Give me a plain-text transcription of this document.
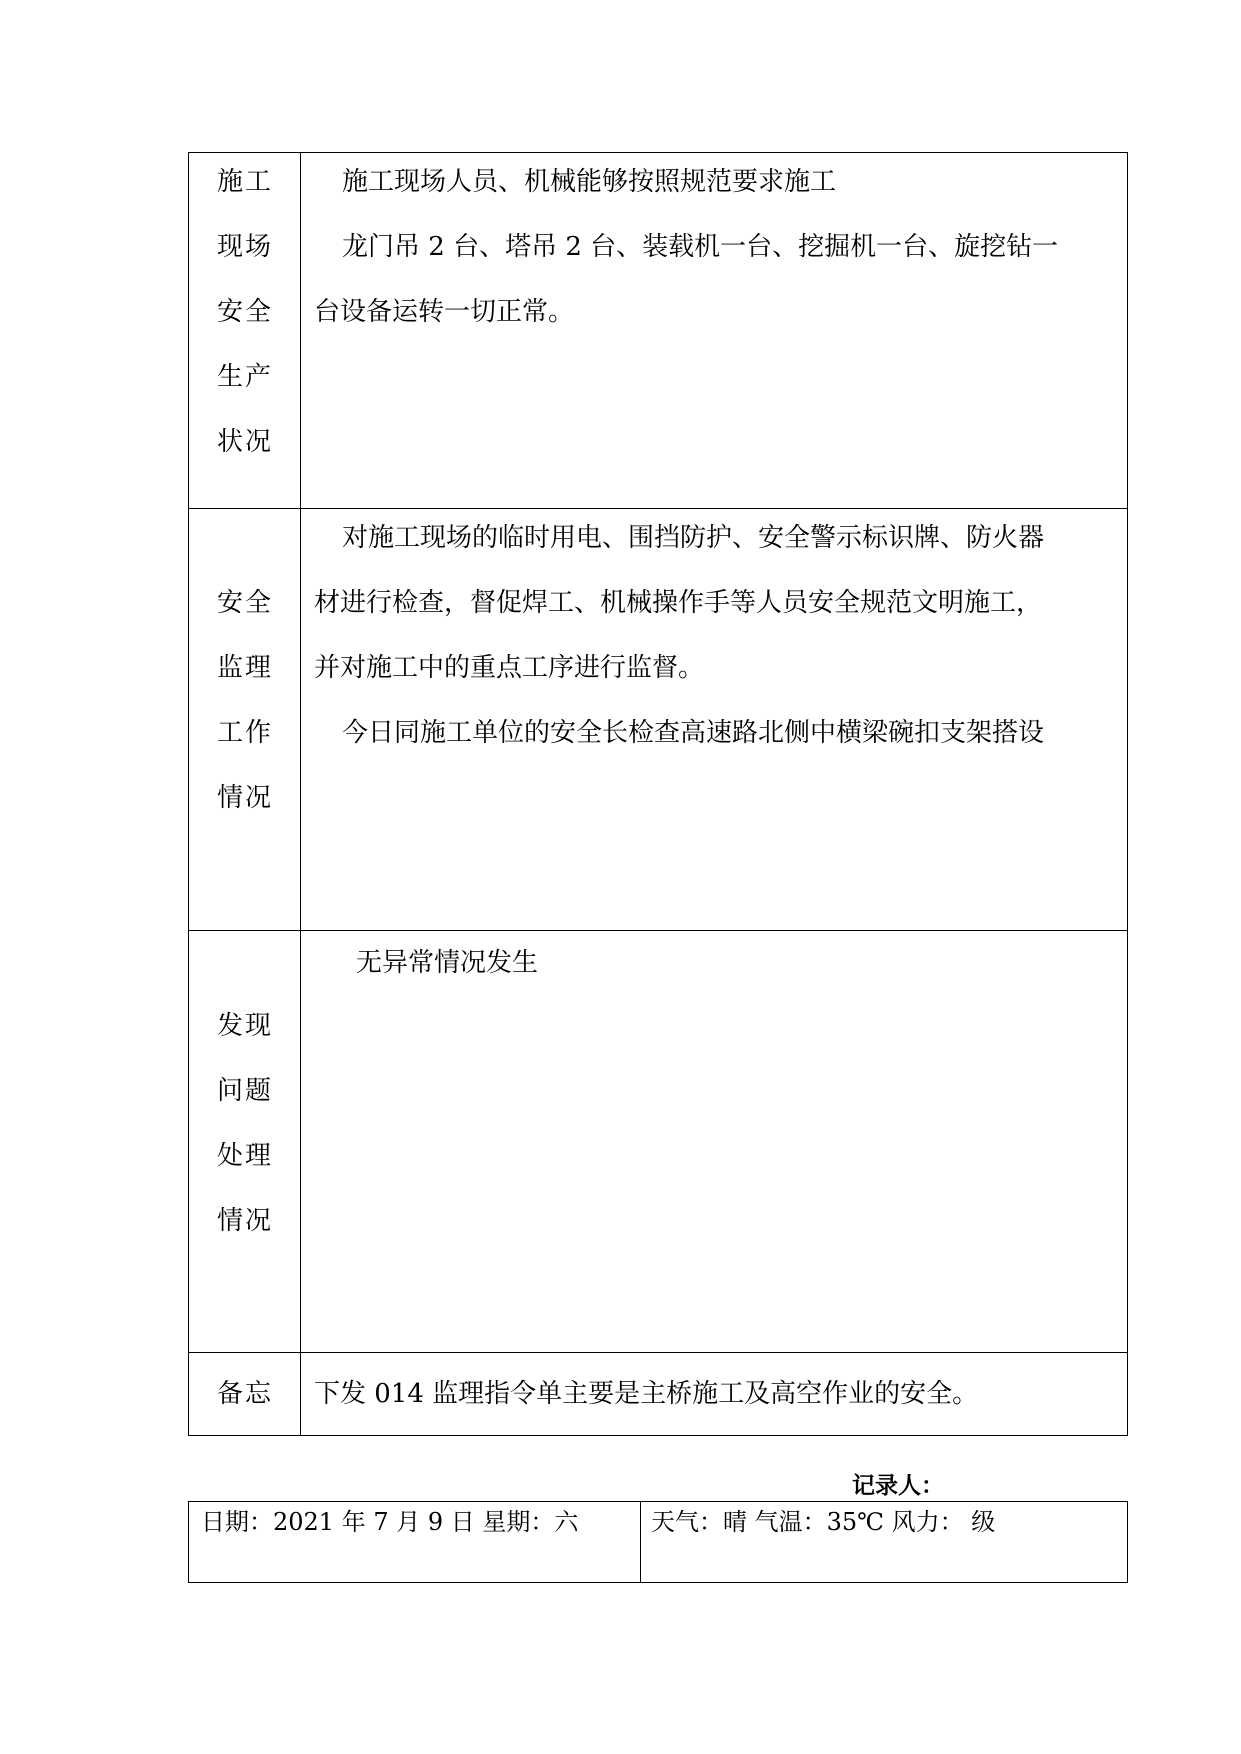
施工
现场
安全
生产
状况
施工现场人员、机械能够按照规范要求施工
龙门吊 2 台、塔吊 2 台、装载机一台、挖掘机一台、旋挖钻一
台设备运转一切正常。
安全
监理
工作
情况
对施工现场的临时用电、围挡防护、安全警示标识牌、防火器
材进行检查，督促焊工、机械操作手等人员安全规范文明施工，
并对施工中的重点工序进行监督。
今日同施工单位的安全长检查高速路北侧中横梁碗扣支架搭设
发现
问题
处理
情况
无异常情况发生
备忘 下发 014 监理指令单主要是主桥施工及高空作业的安全。
记录人：
日期：2021 年 7 月 9 日 星期：六	天气：晴 气温：35℃ 风力： 级
